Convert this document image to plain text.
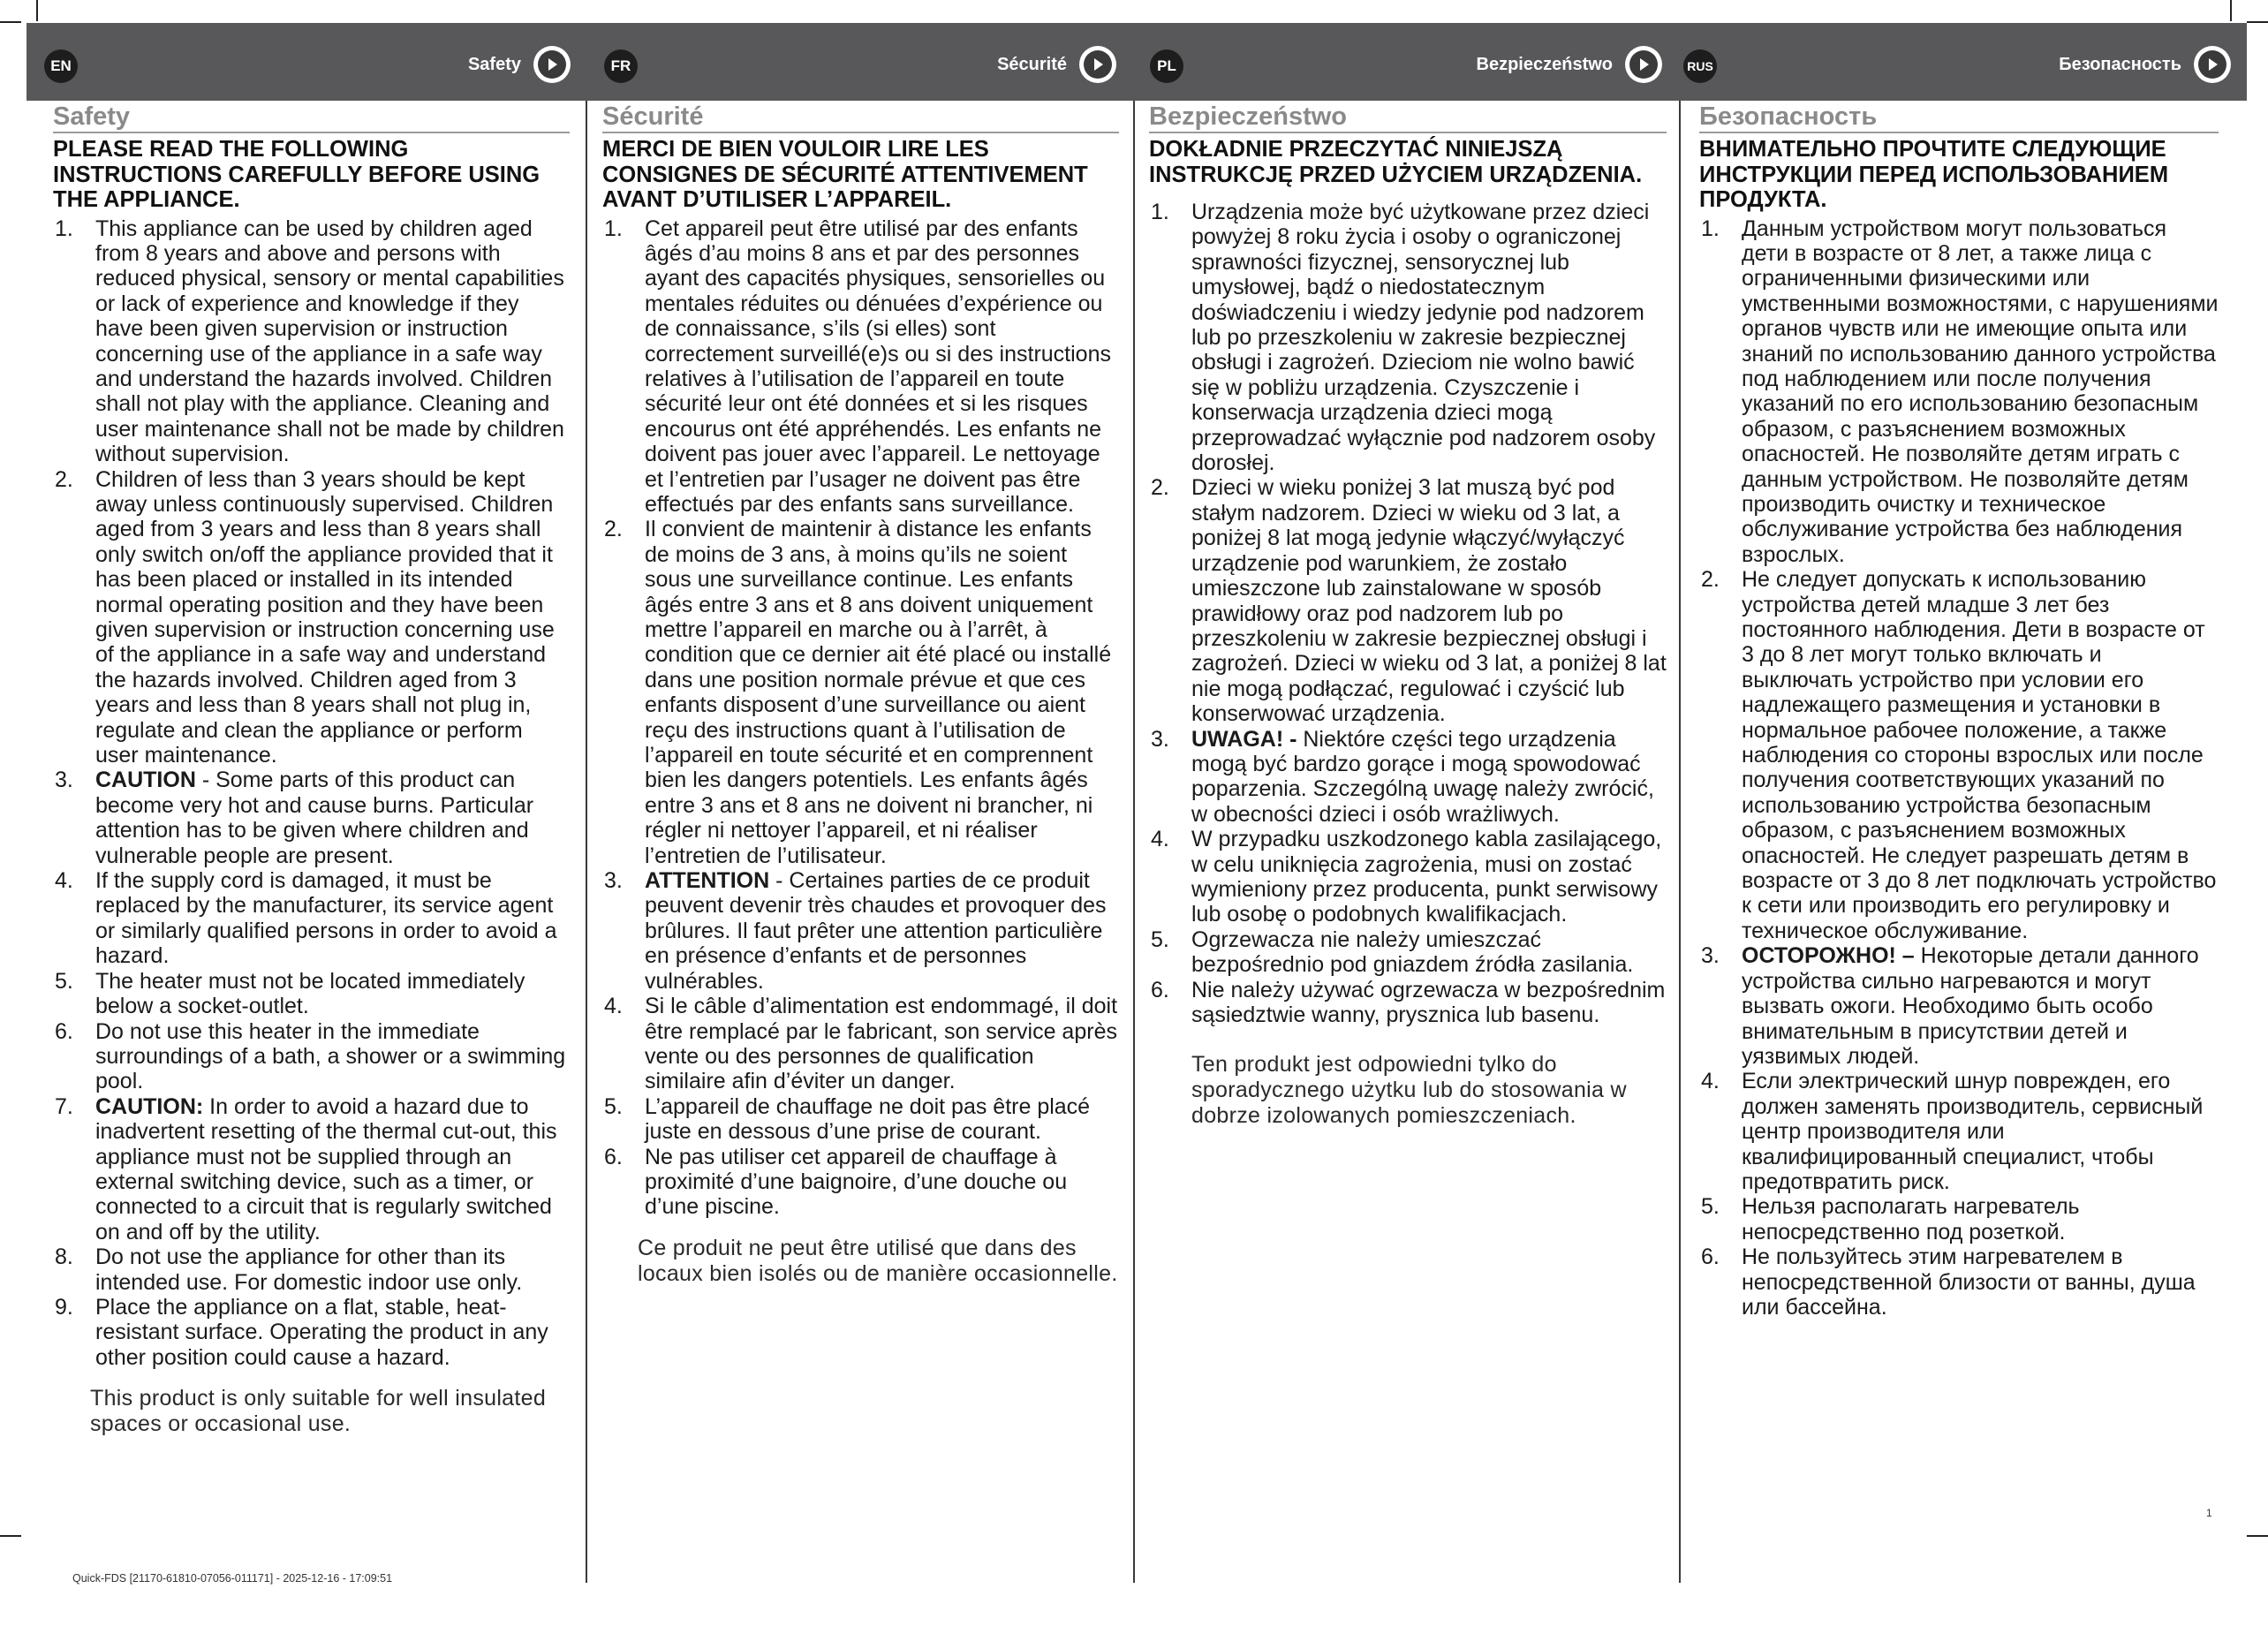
EN	Safety	FR	Sécurité	PL	Bezpieczeństwo	RUS	Безопасность
Safety
PLEASE READ THE FOLLOWING INSTRUCTIONS CAREFULLY BEFORE USING THE APPLIANCE.
1. This appliance can be used by children aged from 8 years and above and persons with reduced physical, sensory or mental capabilities or lack of experience and knowledge if they have been given supervision or instruction concerning use of the appliance in a safe way and understand the hazards involved. Children shall not play with the appliance. Cleaning and user maintenance shall not be made by children without supervision.
2. Children of less than 3 years should be kept away unless continuously supervised. Children aged from 3 years and less than 8 years shall only switch on/off the appliance provided that it has been placed or installed in its intended normal operating position and they have been given supervision or instruction concerning use of the appliance in a safe way and understand the hazards involved. Children aged from 3 years and less than 8 years shall not plug in, regulate and clean the appliance or perform user maintenance.
3. CAUTION - Some parts of this product can become very hot and cause burns. Particular attention has to be given where children and vulnerable people are present.
4. If the supply cord is damaged, it must be replaced by the manufacturer, its service agent or similarly qualified persons in order to avoid a hazard.
5. The heater must not be located immediately below a socket-outlet.
6. Do not use this heater in the immediate surroundings of a bath, a shower or a swimming pool.
7. CAUTION: In order to avoid a hazard due to inadvertent resetting of the thermal cut-out, this appliance must not be supplied through an external switching device, such as a timer, or connected to a circuit that is regularly switched on and off by the utility.
8. Do not use the appliance for other than its intended use. For domestic indoor use only.
9. Place the appliance on a flat, stable, heat-resistant surface. Operating the product in any other position could cause a hazard.
This product is only suitable for well insulated spaces or occasional use.
Sécurité
MERCI DE BIEN VOULOIR LIRE LES CONSIGNES DE SÉCURITÉ ATTENTIVEMENT AVANT D’UTILISER L’APPAREIL.
1. Cet appareil peut être utilisé par des enfants âgés d’au moins 8 ans et par des personnes ayant des capacités physiques, sensorielles ou mentales réduites ou dénuées d’expérience ou de connaissance, s’ils (si elles) sont correctement surveillé(e)s ou si des instructions relatives à l’utilisation de l’appareil en toute sécurité leur ont été données et si les risques encourus ont été appréhendés. Les enfants ne doivent pas jouer avec l’appareil. Le nettoyage et l’entretien par l’usager ne doivent pas être effectués par des enfants sans surveillance.
2. Il convient de maintenir à distance les enfants de moins de 3 ans, à moins qu’ils ne soient sous une surveillance continue. Les enfants âgés entre 3 ans et 8 ans doivent uniquement mettre l’appareil en marche ou à l’arrêt, à condition que ce dernier ait été placé ou installé dans une position normale prévue et que ces enfants disposent d’une surveillance ou aient reçu des instructions quant à l’utilisation de l’appareil en toute sécurité et en comprennent bien les dangers potentiels. Les enfants âgés entre 3 ans et 8 ans ne doivent ni brancher, ni régler ni nettoyer l’appareil, et ni réaliser l’entretien de l’utilisateur.
3. ATTENTION - Certaines parties de ce produit peuvent devenir très chaudes et provoquer des brûlures. Il faut prêter une attention particulière en présence d’enfants et de personnes vulnérables.
4. Si le câble d’alimentation est endommagé, il doit être remplacé par le fabricant, son service après vente ou des personnes de qualification similaire afin d’éviter un danger.
5. L’appareil de chauffage ne doit pas être placé juste en dessous d’une prise de courant.
6. Ne pas utiliser cet appareil de chauffage à proximité d’une baignoire, d’une douche ou d’une piscine.
Ce produit ne peut être utilisé que dans des locaux bien isolés ou de manière occasionnelle.
Bezpieczeństwo
DOKŁADNIE PRZECZYTAĆ NINIEJSZĄ INSTRUKCJĘ PRZED UŻYCIEM URZĄDZENIA.
1. Urządzenia może być użytkowane przez dzieci powyżej 8 roku życia i osoby o ograniczonej sprawności fizycznej, sensorycznej lub umysłowej, bądź o niedostatecznym doświadczeniu i wiedzy jedynie pod nadzorem lub po przeszkoleniu w zakresie bezpiecznej obsługi i zagrożeń. Dzieciom nie wolno bawić się w pobliżu urządzenia. Czyszczenie i konserwacja urządzenia dzieci mogą przeprowadzać wyłącznie pod nadzorem osoby dorosłej.
2. Dzieci w wieku poniżej 3 lat muszą być pod stałym nadzorem. Dzieci w wieku od 3 lat, a poniżej 8 lat mogą jedynie włączyć/wyłączyć urządzenie pod warunkiem, że zostało umieszczone lub zainstalowane w sposób prawidłowy oraz pod nadzorem lub po przeszkoleniu w zakresie bezpiecznej obsługi i zagrożeń. Dzieci w wieku od 3 lat, a poniżej 8 lat nie mogą podłączać, regulować i czyścić lub konserwować urządzenia.
3. UWAGA! - Niektóre części tego urządzenia mogą być bardzo gorące i mogą spowodować poparzenia. Szczególną uwagę należy zwrócić, w obecności dzieci i osób wrażliwych.
4. W przypadku uszkodzonego kabla zasilającego, w celu uniknięcia zagrożenia, musi on zostać wymieniony przez producenta, punkt serwisowy lub osobę o podobnych kwalifikacjach.
5. Ogrzewacza nie należy umieszczać bezpośrednio pod gniazdem źródła zasilania.
6. Nie należy używać ogrzewacza w bezpośrednim sąsiedztwie wanny, prysznica lub basenu.
Ten produkt jest odpowiedni tylko do sporadycznego użytku lub do stosowania w dobrze izolowanych pomieszczeniach.
Безопасность
ВНИМАТЕЛЬНО ПРОЧТИТЕ СЛЕДУЮЩИЕ ИНСТРУКЦИИ ПЕРЕД ИСПОЛЬЗОВАНИЕМ ПРОДУКТА.
1. Данным устройством могут пользоваться дети в возрасте от 8 лет, а также лица с ограниченными физическими или умственными возможностями, с нарушениями органов чувств или не имеющие опыта или знаний по использованию данного устройства под наблюдением или после получения указаний по его использованию безопасным образом, с разъяснением возможных опасностей. Не позволяйте детям играть с данным устройством. Не позволяйте детям производить очистку и техническое обслуживание устройства без наблюдения взрослых.
2. Не следует допускать к использованию устройства детей младше 3 лет без постоянного наблюдения. Дети в возрасте от 3 до 8 лет могут только включать и выключать устройство при условии его надлежащего размещения и установки в нормальное рабочее положение, а также наблюдения со стороны взрослых или после получения соответствующих указаний по использованию устройства безопасным образом, с разъяснением возможных опасностей. Не следует разрешать детям в возрасте от 3 до 8 лет подключать устройство к сети или производить его регулировку и техническое обслуживание.
3. ОСТОРОЖНО! – Некоторые детали данного устройства сильно нагреваются и могут вызвать ожоги. Необходимо быть особо внимательным в присутствии детей и уязвимых людей.
4. Если электрический шнур поврежден, его должен заменять производитель, сервисный центр производителя или квалифицированный специалист, чтобы предотвратить риск.
5. Нельзя располагать нагреватель непосредственно под розеткой.
6. Не пользуйтесь этим нагревателем в непосредственной близости от ванны, душа или бассейна.
Quick-FDS [21170-61810-07056-011171] - 2025-12-16 - 17:09:51
1
